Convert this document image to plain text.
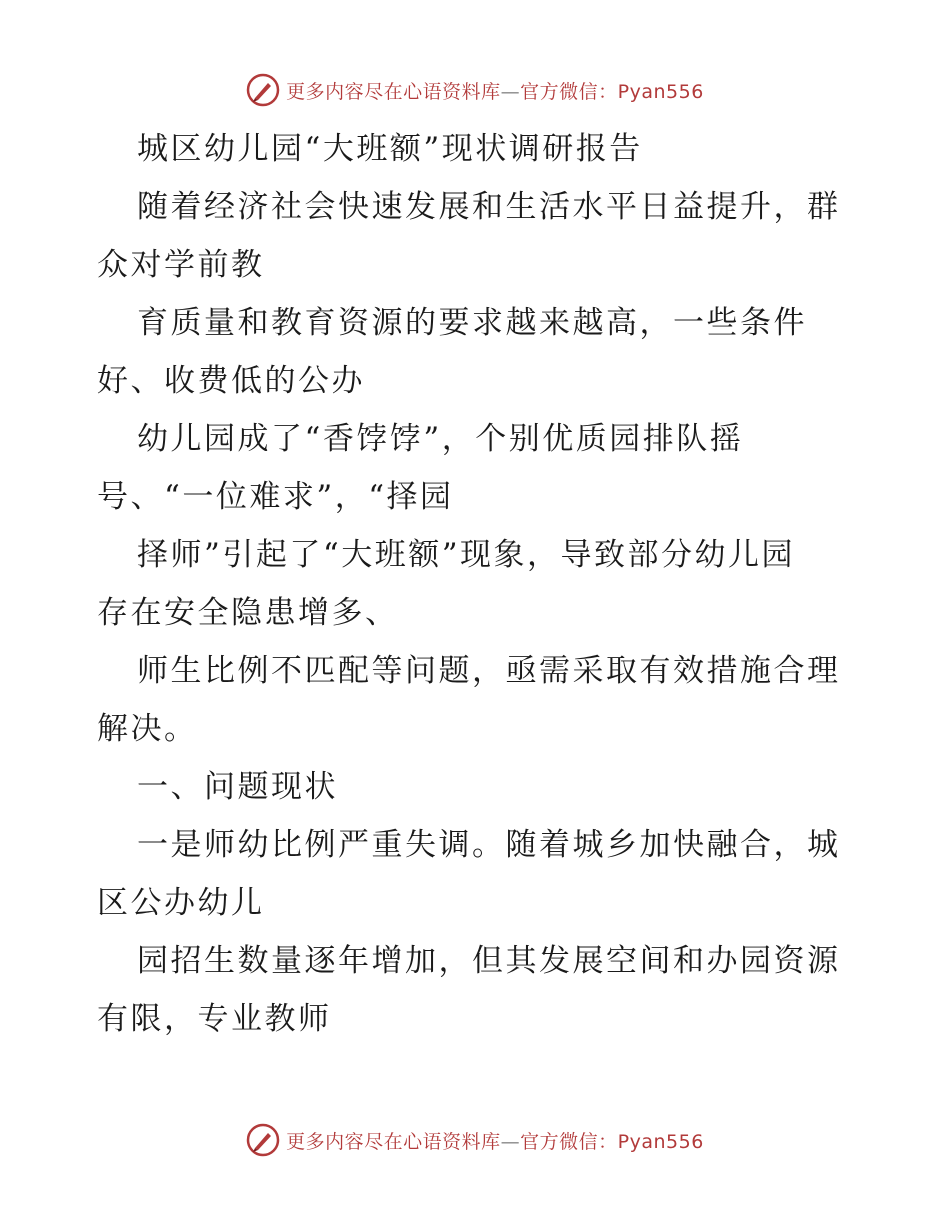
更多内容尽在心语资料库—官方微信：Pyan556
城区幼儿园“大班额”现状调研报告
随着经济社会快速发展和生活水平日益提升，群
众对学前教
育质量和教育资源的要求越来越高，一些条件
好、收费低的公办
幼儿园成了“香饽饽”，个别优质园排队摇
号、“一位难求”，“择园
择师”引起了“大班额”现象，导致部分幼儿园
存在安全隐患增多、
师生比例不匹配等问题，亟需采取有效措施合理
解决。
一、问题现状
一是师幼比例严重失调。随着城乡加快融合，城
区公办幼儿
园招生数量逐年增加，但其发展空间和办园资源
有限，专业教师
更多内容尽在心语资料库—官方微信：Pyan556
